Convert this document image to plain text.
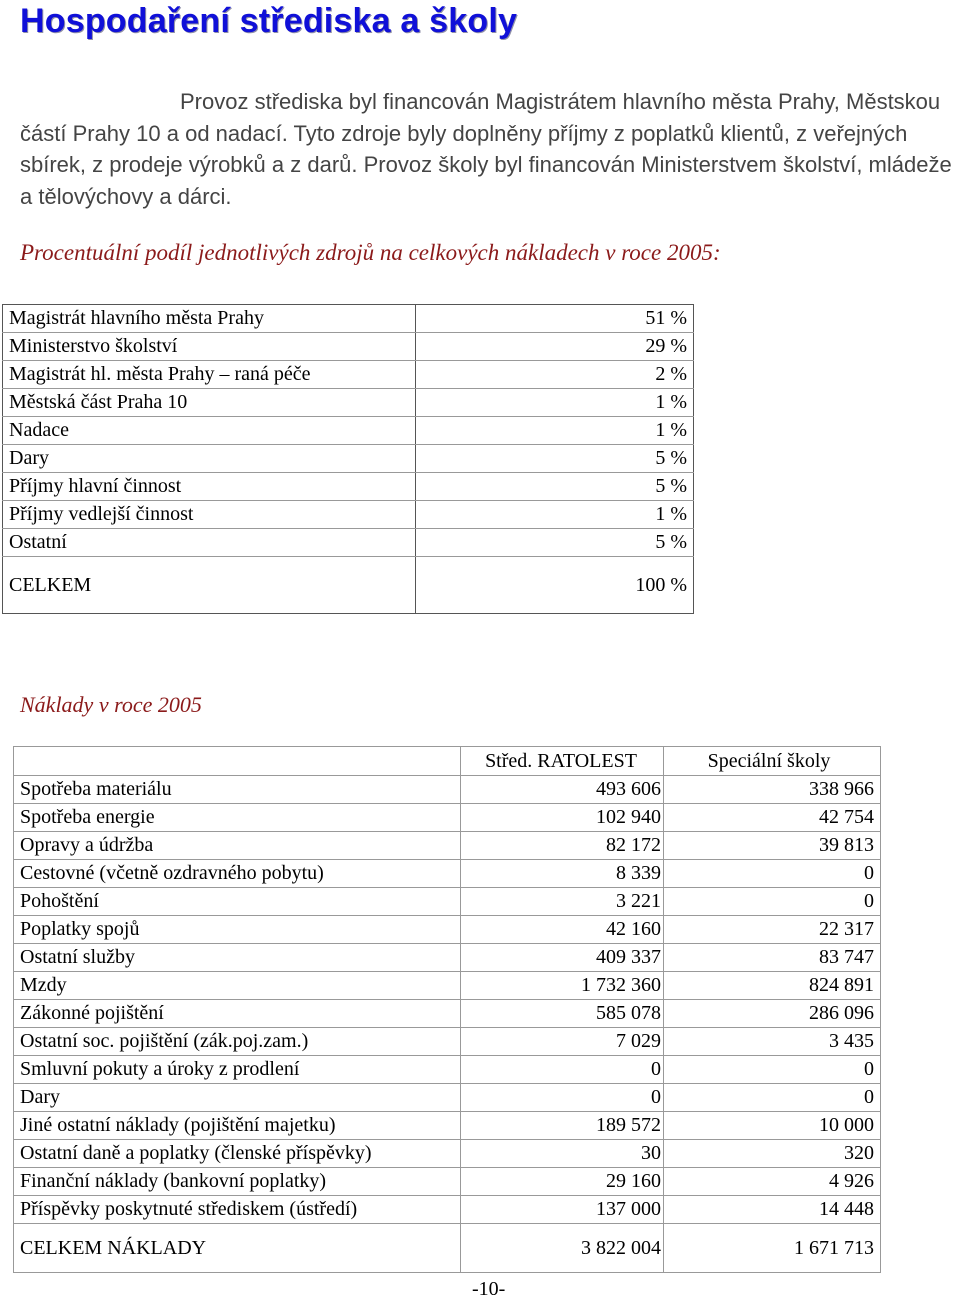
Hospodaření střediska a školy
Provoz střediska byl financován Magistrátem hlavního města Prahy, Městskou částí Prahy 10 a od nadací. Tyto zdroje byly doplněny příjmy z poplatků klientů, z veřejných sbírek, z prodeje výrobků a z darů. Provoz školy byl financován Ministerstvem školství, mládeže a tělovýchovy a dárci.
Procentuální podíl jednotlivých zdrojů na celkových nákladech v roce 2005:
Magistrát hlavního města Prahy	51 %
Ministerstvo školství	29 %
Magistrát hl. města Prahy – raná péče	2 %
Městská část Praha 10	1 %
Nadace	1 %
Dary	5 %
Příjmy hlavní činnost	5 %
Příjmy vedlejší činnost	1 %
Ostatní	5 %
CELKEM	100 %
Náklady v roce 2005
	Střed. RATOLEST	Speciální školy
Spotřeba materiálu	493 606	338 966
Spotřeba energie	102 940	42 754
Opravy a údržba	82 172	39 813
Cestovné (včetně ozdravného pobytu)	8 339	0
Pohoštění	3 221	0
Poplatky spojů	42 160	22 317
Ostatní služby	409 337	83 747
Mzdy	1 732 360	824 891
Zákonné pojištění	585 078	286 096
Ostatní soc. pojištění (zák.poj.zam.)	7 029	3 435
Smluvní pokuty a úroky z prodlení	0	0
Dary	0	0
Jiné ostatní náklady (pojištění majetku)	189 572	10 000
Ostatní daně a poplatky (členské příspěvky)	30	320
Finanční náklady (bankovní poplatky)	29 160	4 926
Příspěvky poskytnuté střediskem (ústředí)	137 000	14 448
CELKEM NÁKLADY	3 822 004	1 671 713
-10-
